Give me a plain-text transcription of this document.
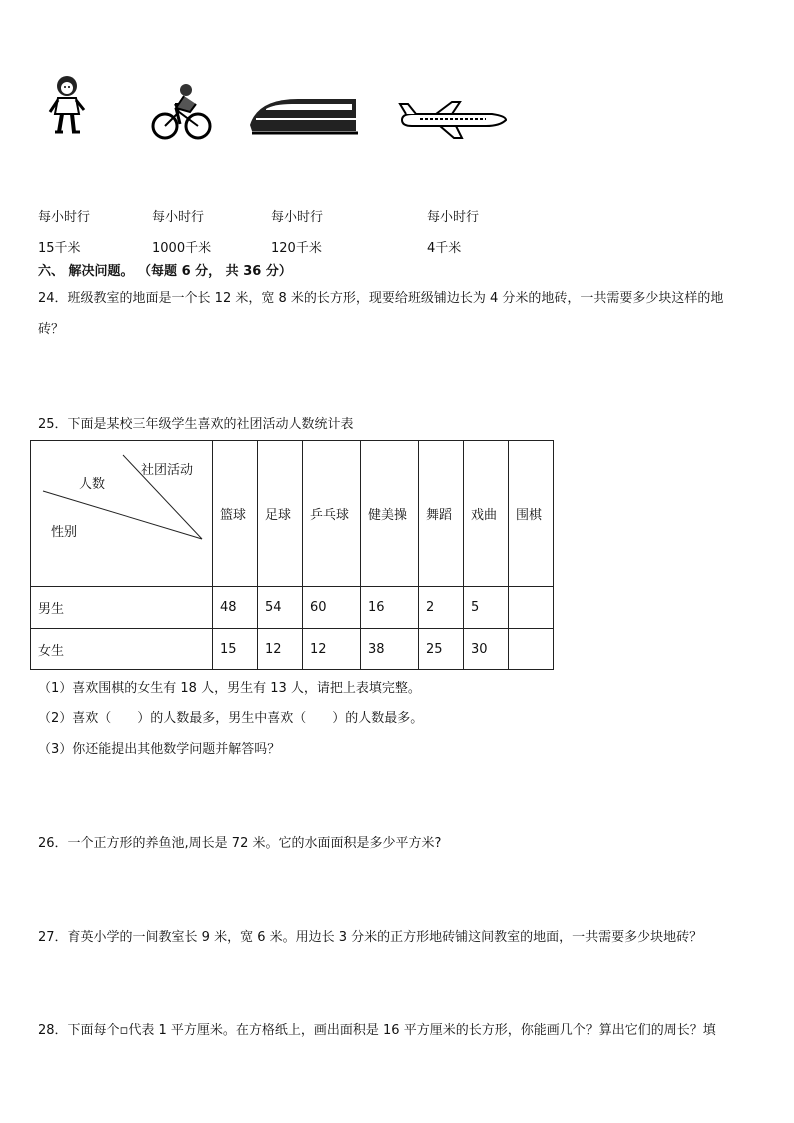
每小时行	每小时行	每小时行	每小时行
15千米	1000千米	120千米	4千米
六、 解决问题。 （每题 6 分， 共 36 分）
24．班级教室的地面是一个长 12 米，宽 8 米的长方形，现要给班级铺边长为 4 分米的地砖，一共需要多少块这样的地
砖？
25．下面是某校三年级学生喜欢的社团活动人数统计表
社团活动
人数
性别	篮球	足球	乒乓球	健美操	舞蹈	戏曲	围棋
男生	48	54	60	16	2	5	
女生	15	12	12	38	25	30	
（1）喜欢围棋的女生有 18 人，男生有 13 人，请把上表填完整。
（2）喜欢（　　）的人数最多，男生中喜欢（　　）的人数最多。
（3）你还能提出其他数学问题并解答吗？
26．一个正方形的养鱼池,周长是 72 米。它的水面面积是多少平方米?
27．育英小学的一间教室长 9 米，宽 6 米。用边长 3 分米的正方形地砖铺这间教室的地面，一共需要多少块地砖？
28．下面每个▫代表 1 平方厘米。在方格纸上，画出面积是 16 平方厘米的长方形，你能画几个？算出它们的周长？填
